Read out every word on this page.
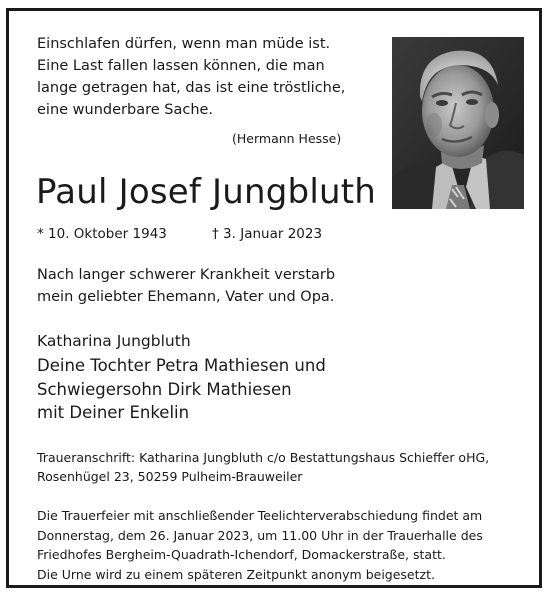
Einschlafen dürfen, wenn man müde ist.
Eine Last fallen lassen können, die man
lange getragen hat, das ist eine tröstliche,
eine wunderbare Sache.
(Hermann Hesse)
Paul Josef Jungbluth
* 10. Oktober 1943	† 3. Januar 2023
Nach langer schwerer Krankheit verstarb
mein geliebter Ehemann, Vater und Opa.
Katharina Jungbluth
Deine Tochter Petra Mathiesen und
Schwiegersohn Dirk Mathiesen
mit Deiner Enkelin
Traueranschrift: Katharina Jungbluth c/o Bestattungshaus Schieffer oHG,
Rosenhügel 23, 50259 Pulheim-Brauweiler
Die Trauerfeier mit anschließender Teelichterverabschiedung findet am
Donnerstag, dem 26. Januar 2023, um 11.00 Uhr in der Trauerhalle des
Friedhofes Bergheim-Quadrath-Ichendorf, Domackerstraße, statt.
Die Urne wird zu einem späteren Zeitpunkt anonym beigesetzt.
